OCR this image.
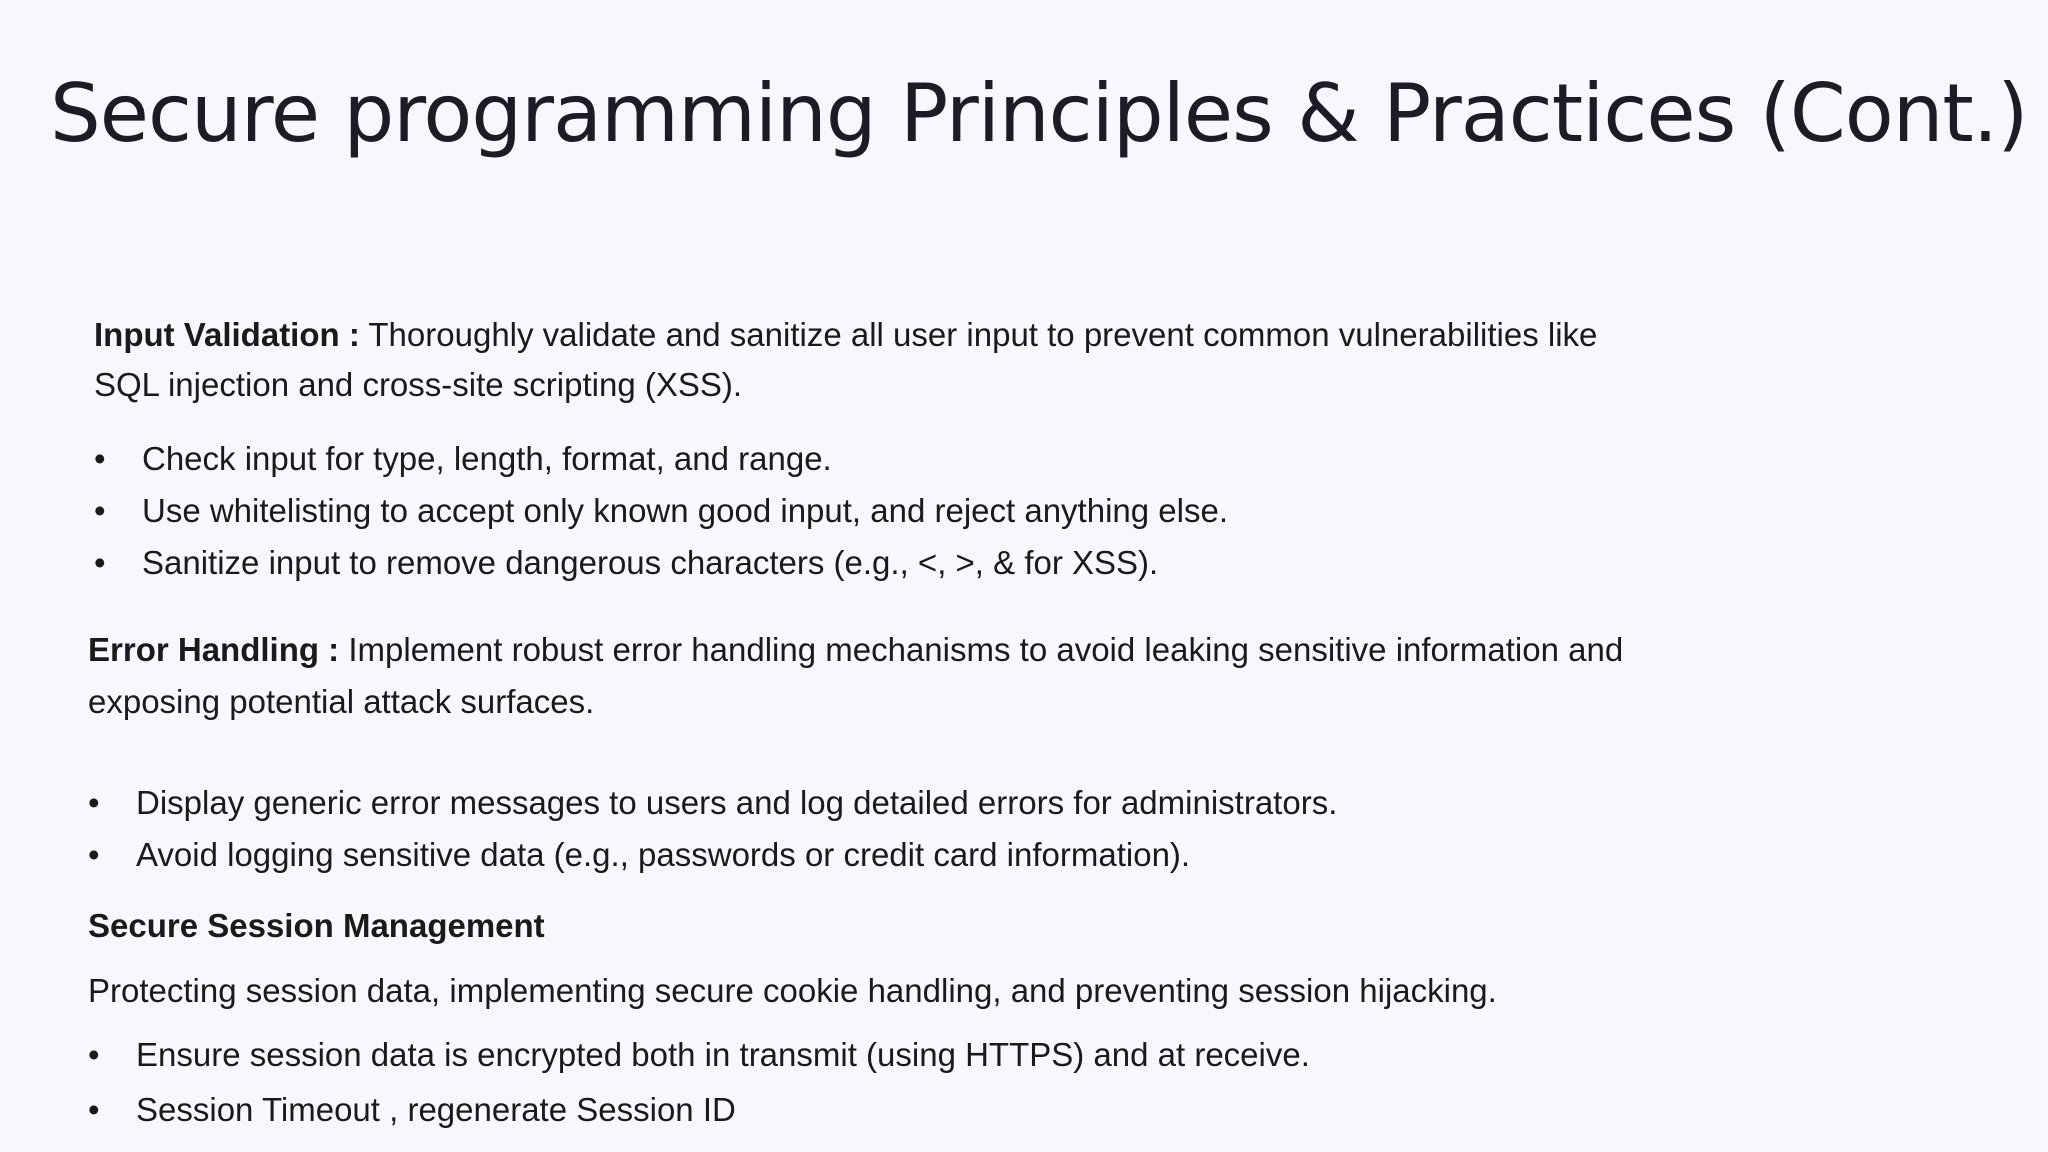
Secure programming Principles & Practices (Cont.)

Input Validation : Thoroughly validate and sanitize all user input to prevent common vulnerabilities like
SQL injection and cross-site scripting (XSS).

• Check input for type, length, format, and range.
• Use whitelisting to accept only known good input, and reject anything else.
• Sanitize input to remove dangerous characters (e.g., <, >, & for XSS).

Error Handling : Implement robust error handling mechanisms to avoid leaking sensitive information and
exposing potential attack surfaces.

• Display generic error messages to users and log detailed errors for administrators.
• Avoid logging sensitive data (e.g., passwords or credit card information).

Secure Session Management

Protecting session data, implementing secure cookie handling, and preventing session hijacking.

• Ensure session data is encrypted both in transmit (using HTTPS) and at receive.
• Session Timeout , regenerate Session ID
